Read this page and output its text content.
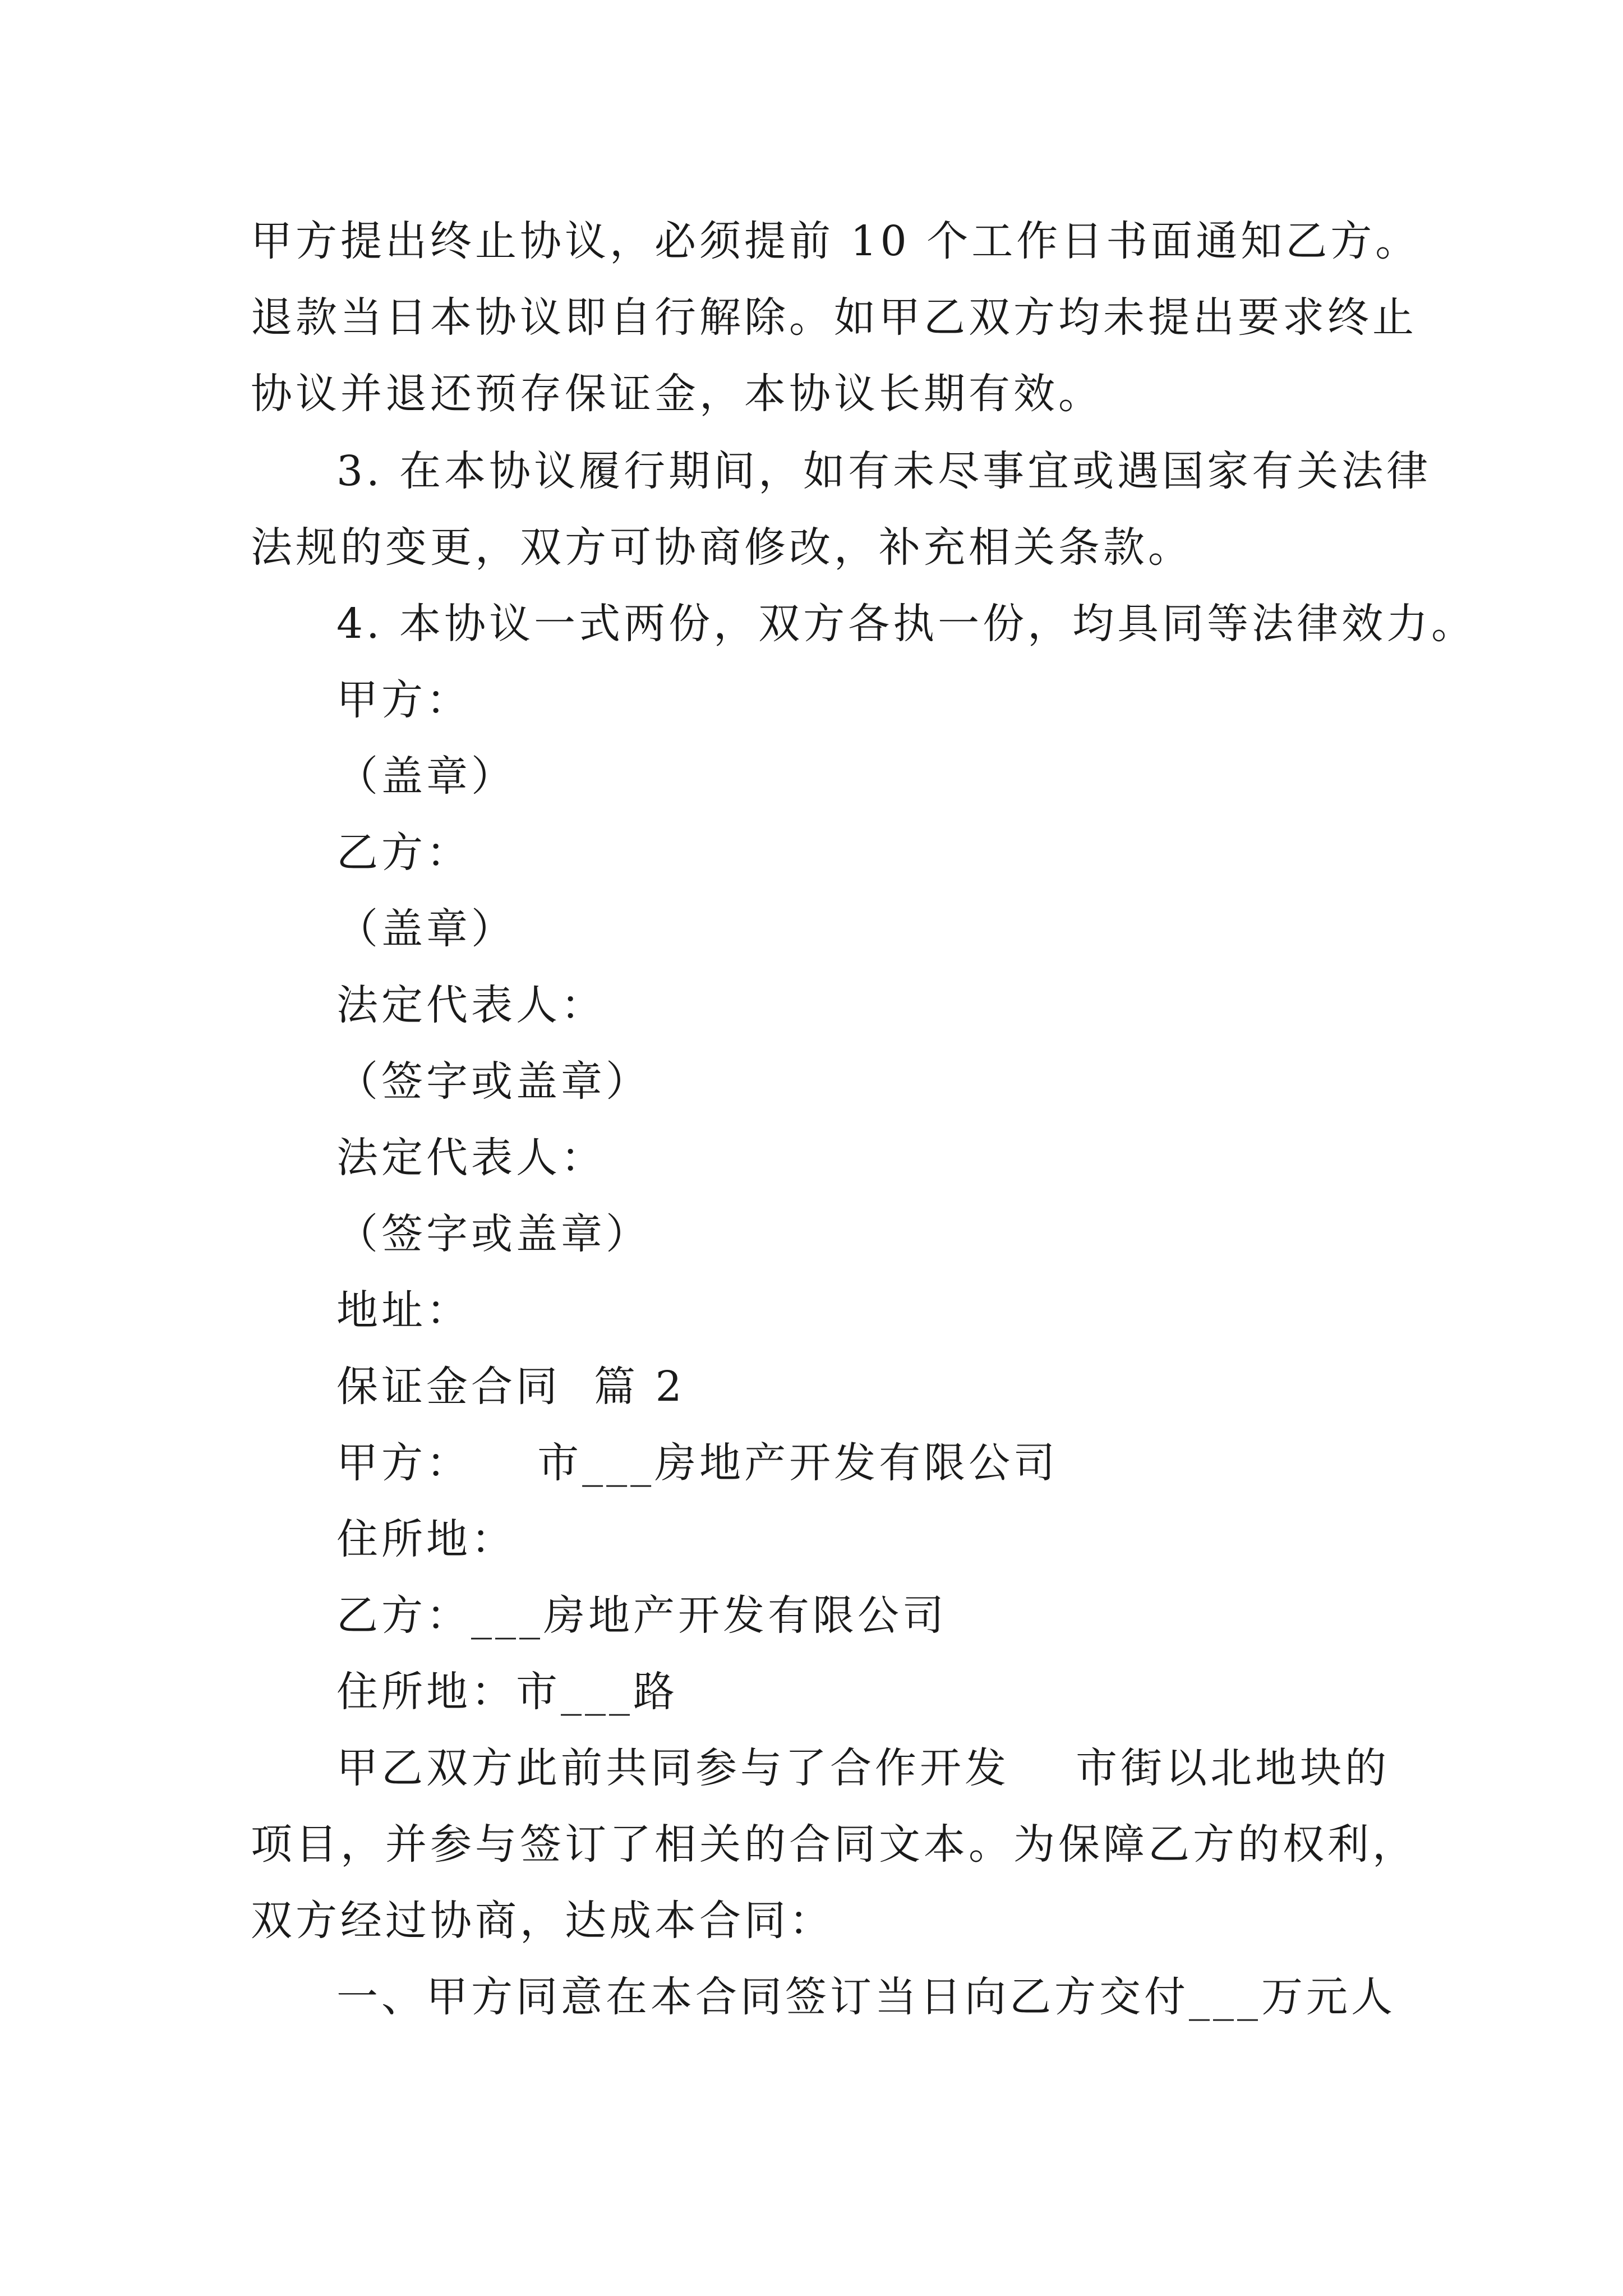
甲方提出终止协议，必须提前 10 个工作日书面通知乙方。
退款当日本协议即自行解除。如甲乙双方均未提出要求终止
协议并退还预存保证金，本协议长期有效。
3. 在本协议履行期间，如有未尽事宜或遇国家有关法律
法规的变更，双方可协商修改，补充相关条款。
4. 本协议一式两份，双方各执一份，均具同等法律效力。
甲方：
（盖章）
乙方：
（盖章）
法定代表人：
（签字或盖章）
法定代表人：
（签字或盖章）
地址：
保证金合同  篇 2
甲方：    市___房地产开发有限公司
住所地：
乙方：___房地产开发有限公司
住所地：市___路
甲乙双方此前共同参与了合作开发    市街以北地块的
项目，并参与签订了相关的合同文本。为保障乙方的权利，
双方经过协商，达成本合同：
一、甲方同意在本合同签订当日向乙方交付___万元人
